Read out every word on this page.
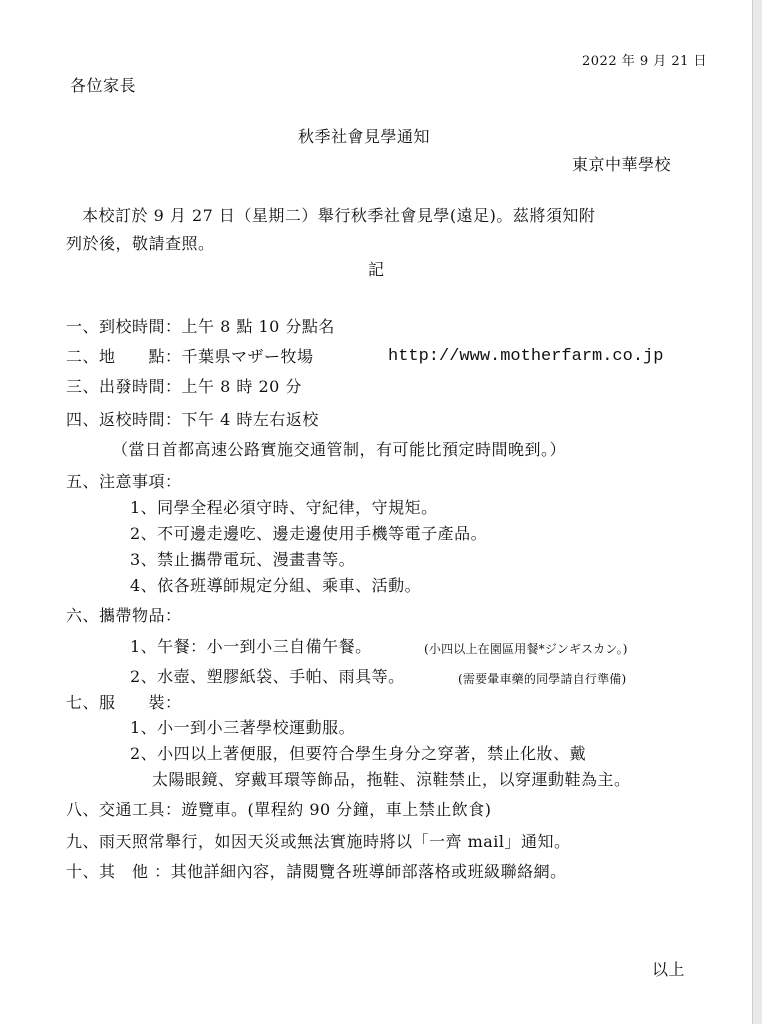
2022 年 9 月 21 日
各位家長
秋季社會見學通知
東京中華學校
本校訂於 9 月 27 日（星期二）舉行秋季社會見學(遠足)。茲將須知附
列於後，敬請查照。
記
一、到校時間：上午 8 點 10 分點名
二、地　　點：千葉県マザー牧場	http://www.motherfarm.co.jp
三、出發時間：上午 8 時 20 分
四、返校時間：下午 4 時左右返校
（當日首都高速公路實施交通管制，有可能比預定時間晚到。）
五、注意事項：
1、同學全程必須守時、守紀律，守規矩。
2、不可邊走邊吃、邊走邊使用手機等電子產品。
3、禁止攜帶電玩、漫畫書等。
4、依各班導師規定分組、乘車、活動。
六、攜帶物品：
1、午餐：小一到小三自備午餐。	(小四以上在園區用餐*ジンギスカン。)
2、水壺、塑膠紙袋、手帕、雨具等。	(需要暈車藥的同學請自行準備)
七、服　　裝：
1、小一到小三著學校運動服。
2、小四以上著便服，但要符合學生身分之穿著，禁止化妝、戴
太陽眼鏡、穿戴耳環等飾品，拖鞋、涼鞋禁止，以穿運動鞋為主。
八、交通工具：遊覽車。(單程約 90 分鐘，車上禁止飲食)
九、雨天照常舉行，如因天災或無法實施時將以「一齊 mail」通知。
十、其　他 ：其他詳細內容，請閱覽各班導師部落格或班級聯絡網。
以上
